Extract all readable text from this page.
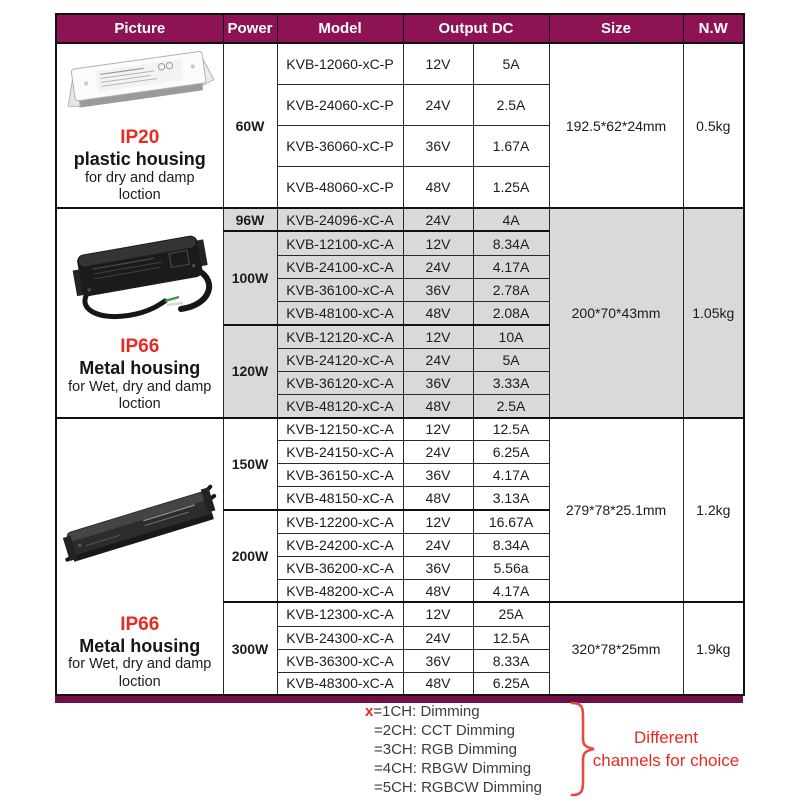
Picture	Power	Model	Output DC		Size	N.W

IP20
plastic housing
for dry and damp
loction	60W	KVB-12060-xC-P	12V	5A	192.5*62*24mm	0.5kg
		KVB-24060-xC-P	24V	2.5A		
		KVB-36060-xC-P	36V	1.67A		
		KVB-48060-xC-P	48V	1.25A		

IP66
Metal housing
for Wet, dry and damp
loction	96W	KVB-24096-xC-A	24V	4A	200*70*43mm	1.05kg
	100W	KVB-12100-xC-A	12V	8.34A		
		KVB-24100-xC-A	24V	4.17A		
		KVB-36100-xC-A	36V	2.78A		
		KVB-48100-xC-A	48V	2.08A		
	120W	KVB-12120-xC-A	12V	10A		
		KVB-24120-xC-A	24V	5A		
		KVB-36120-xC-A	36V	3.33A		
		KVB-48120-xC-A	48V	2.5A		

IP66
Metal housing
for Wet, dry and damp
loction	150W	KVB-12150-xC-A	12V	12.5A	279*78*25.1mm	1.2kg
		KVB-24150-xC-A	24V	6.25A		
		KVB-36150-xC-A	36V	4.17A		
		KVB-48150-xC-A	48V	3.13A		
	200W	KVB-12200-xC-A	12V	16.67A		
		KVB-24200-xC-A	24V	8.34A		
		KVB-36200-xC-A	36V	5.56a		
		KVB-48200-xC-A	48V	4.17A		
	300W	KVB-12300-xC-A	12V	25A	320*78*25mm	1.9kg
		KVB-24300-xC-A	24V	12.5A		
		KVB-36300-xC-A	36V	8.33A		
		KVB-48300-xC-A	48V	6.25A		
x=1CH: Dimming
=2CH: CCT Dimming
=3CH: RGB Dimming
=4CH: RBGW Dimming
=5CH: RGBCW Dimming
Different
channels for choice
